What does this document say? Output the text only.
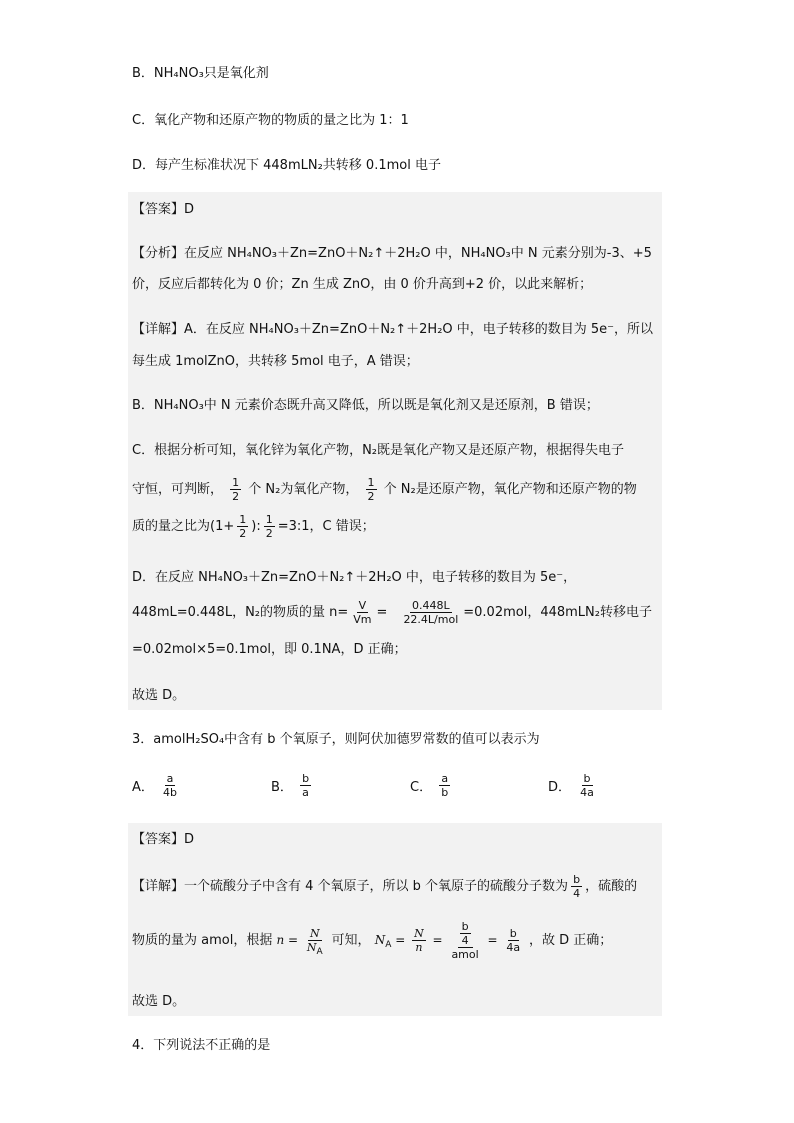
B．NH₄NO₃只是氧化剂
C．氧化产物和还原产物的物质的量之比为 1：1
D．每产生标准状况下 448mLN₂共转移 0.1mol 电子
【答案】D
【分析】在反应 NH₄NO₃＋Zn=ZnO＋N₂↑＋2H₂O 中，NH₄NO₃中 N 元素分别为-3、+5
价，反应后都转化为 0 价；Zn 生成 ZnO，由 0 价升高到+2 价，以此来解析；
【详解】A．在反应 NH₄NO₃＋Zn=ZnO＋N₂↑＋2H₂O 中，电子转移的数目为 5e⁻，所以
每生成 1molZnO，共转移 5mol 电子，A 错误；
B．NH₄NO₃中 N 元素价态既升高又降低，所以既是氧化剂又是还原剂，B 错误；
C．根据分析可知，氧化锌为氧化产物，N₂既是氧化产物又是还原产物，根据得失电子
守恒，可判断， $\frac{1}{2}$ 个 N₂为氧化产物， $\frac{1}{2}$ 个 N₂是还原产物，氧化产物和还原产物的物
质的量之比为($1+ \frac{1}{2}$ ): $\frac{1}{2}$ =3:1，C 错误；
D．在反应 NH₄NO₃＋Zn=ZnO＋N₂↑＋2H₂O 中，电子转移的数目为 5e⁻，
448mL=0.448L，N₂的物质的量 $n= \frac{V}{Vm} = \frac{0.448L}{\text{22.4L/mol}} =0.02mol$，448mLN₂转移电子
=0.02mol×5=0.1mol，即 0.1NA，D 正确；
故选 D。
3．amolH₂SO₄中含有 b 个氧原子，则阿伏加德罗常数的值可以表示为
A． $\frac{a}{4b}$	B． $\frac{b}{a}$	C． $\frac{a}{b}$	D． $\frac{b}{4a}$
【答案】D
【详解】一个硫酸分子中含有 4 个氧原子，所以 b 个氧原子的硫酸分子数为 $\frac{b}{4}$ ，硫酸的
物质的量为 amol，根据 $n = \frac{N}{N_A}$ 可知， $N_A = \frac{N}{n} = \frac{\frac{b}{4}}{\text{amol}} = \frac{b}{4a}$ ，故 D 正确；
故选 D。
4．下列说法不正确的是
